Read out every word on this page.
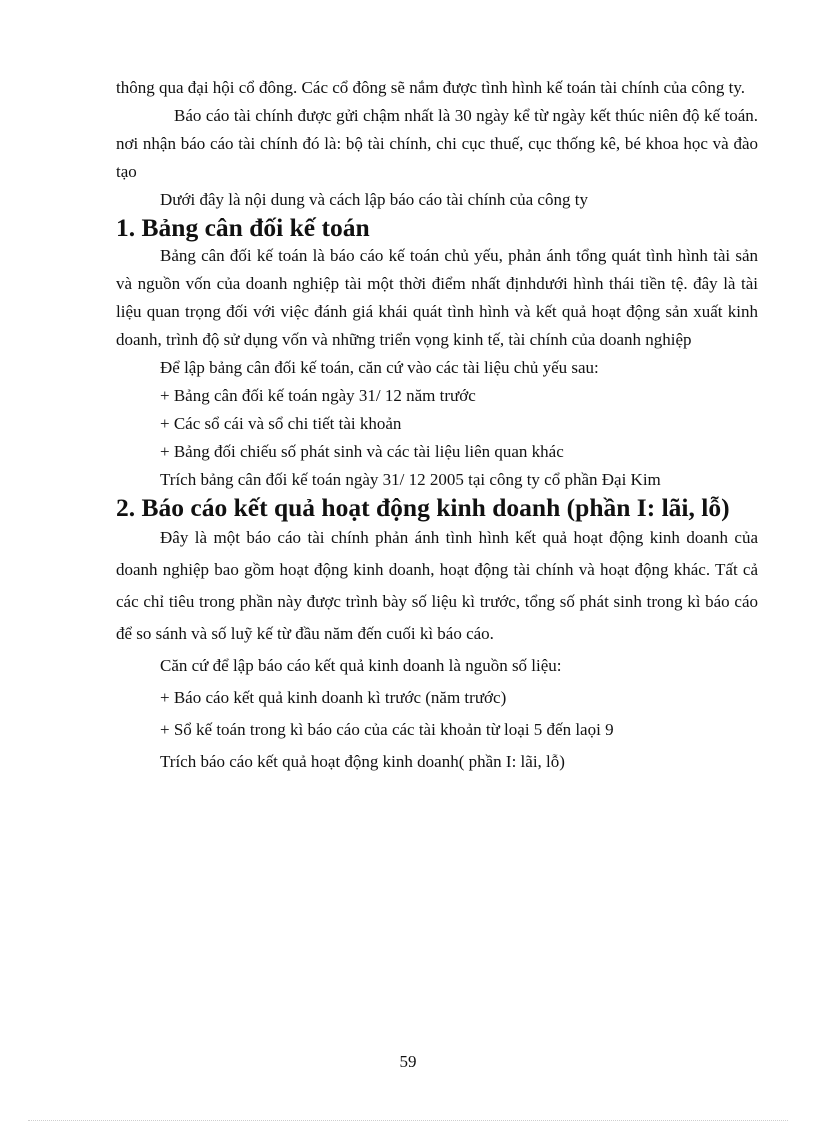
thông qua đại hội cổ đông. Các cổ đông sẽ nắm được tình hình kế toán tài chính của công ty.

Báo cáo tài chính được gửi chậm nhất là 30 ngày kể từ ngày kết thúc niên độ kế toán. nơi nhận báo cáo tài chính đó là: bộ tài chính, chi cục thuế, cục thống kê, bé khoa học và đào tạo

Dưới đây là nội dung và cách lập báo cáo tài chính của công ty

1. Bảng cân đối kế toán

Bảng cân đối kế toán là báo cáo kế toán chủ yếu, phản ánh tổng quát tình hình tài sản và nguồn vốn của doanh nghiệp tài một thời điểm nhất địnhdưới hình thái tiền tệ. đây là tài liệu quan trọng đối với việc đánh giá khái quát tình hình và kết quả hoạt động sản xuất kinh doanh, trình độ sử dụng vốn và những triển vọng kinh tế, tài chính của doanh nghiệp

Để lập bảng cân đối kế toán, căn cứ vào các tài liệu chủ yếu sau:

+ Bảng cân đối kế toán ngày 31/ 12 năm trước

+ Các sổ cái và sổ chi tiết tài khoản

+ Bảng đối chiếu số phát sinh và các tài liệu liên quan khác

Trích bảng cân đối kế toán ngày 31/ 12 2005 tại công ty cổ phần Đại Kim

2. Báo cáo kết quả hoạt động kinh doanh (phần I: lãi, lỗ)

Đây là một báo cáo tài chính phản ánh tình hình kết quả hoạt động kinh doanh của doanh nghiệp bao gồm hoạt động kinh doanh, hoạt động tài chính và hoạt động khác. Tất cả các chỉ tiêu trong phần này được trình bày số liệu kì trước, tổng số phát sinh trong kì báo cáo để so sánh và số luỹ kế từ đầu năm đến cuối kì báo cáo.

Căn cứ để lập báo cáo kết quả kinh doanh là nguồn số liệu:

+ Báo cáo kết quả kinh doanh kì trước (năm trước)

+ Sổ kế toán trong kì báo cáo của các tài khoản từ loại 5 đến laọi 9

Trích báo cáo kết quả hoạt động kinh doanh( phần I: lãi, lỗ)

59
